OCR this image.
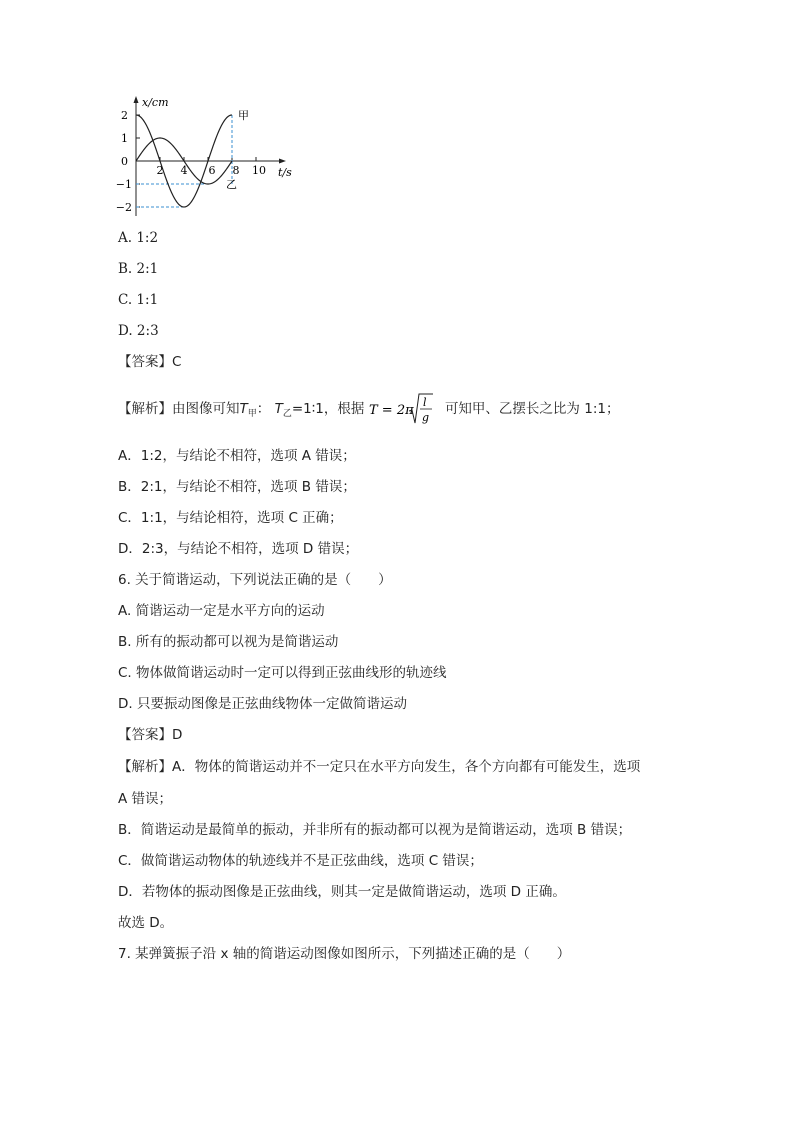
x/cm
t/s
2
1
0
−1
−2
2 4 6 8 10
甲
乙
A. 1:2
B. 2:1
C. 1:1
D. 2:3
【答案】C
【解析】由图像可知$T_甲$： $T_乙=1∶1$，根据 T = 2π
l
g
可知甲、乙摆长之比为 1:1；
A．1:2，与结论不相符，选项 A 错误；
B．2:1，与结论不相符，选项 B 错误；
C．1:1，与结论相符，选项 C 正确；
D．2:3，与结论不相符，选项 D 错误；
6. 关于简谐运动，下列说法正确的是（　　）
A. 简谐运动一定是水平方向的运动
B. 所有的振动都可以视为是简谐运动
C. 物体做简谐运动时一定可以得到正弦曲线形的轨迹线
D. 只要振动图像是正弦曲线物体一定做简谐运动
【答案】D
【解析】A．物体的简谐运动并不一定只在水平方向发生，各个方向都有可能发生，选项
A 错误；
B．简谐运动是最简单的振动，并非所有的振动都可以视为是简谐运动，选项 B 错误；
C．做简谐运动物体的轨迹线并不是正弦曲线，选项 C 错误；
D．若物体的振动图像是正弦曲线，则其一定是做简谐运动，选项 D 正确。
故选 D。
7. 某弹簧振子沿 x 轴的简谐运动图像如图所示，下列描述正确的是（　　）
